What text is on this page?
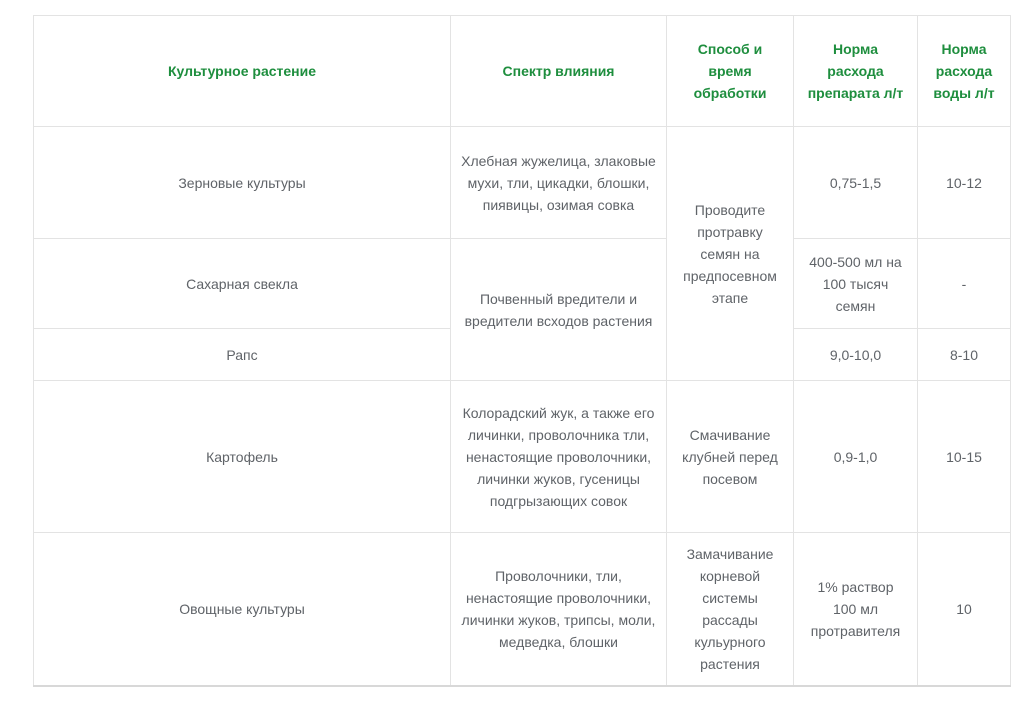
Культурное растение	Спектр влияния	Способ и время обработки	Норма расхода препарата л/т	Норма расхода воды л/т
Зерновые культуры	Хлебная жужелица, злаковые мухи, тли, цикадки, блошки, пиявицы, озимая совка	Проводите протравку семян на предпосевном этапе	0,75-1,5	10-12
Сахарная свекла	Почвенный вредители и вредители всходов растения		400-500 мл на 100 тысяч семян	-
Рапс			9,0-10,0	8-10
Картофель	Колорадский жук, а также его личинки, проволочника тли, ненастоящие проволочники, личинки жуков, гусеницы подгрызающих совок	Смачивание клубней перед посевом	0,9-1,0	10-15
Овощные культуры	Проволочники, тли, ненастоящие проволочники, личинки жуков, трипсы, моли, медведка, блошки	Замачивание корневой системы рассады кульурного растения	1% раствор 100 мл протравителя	10
